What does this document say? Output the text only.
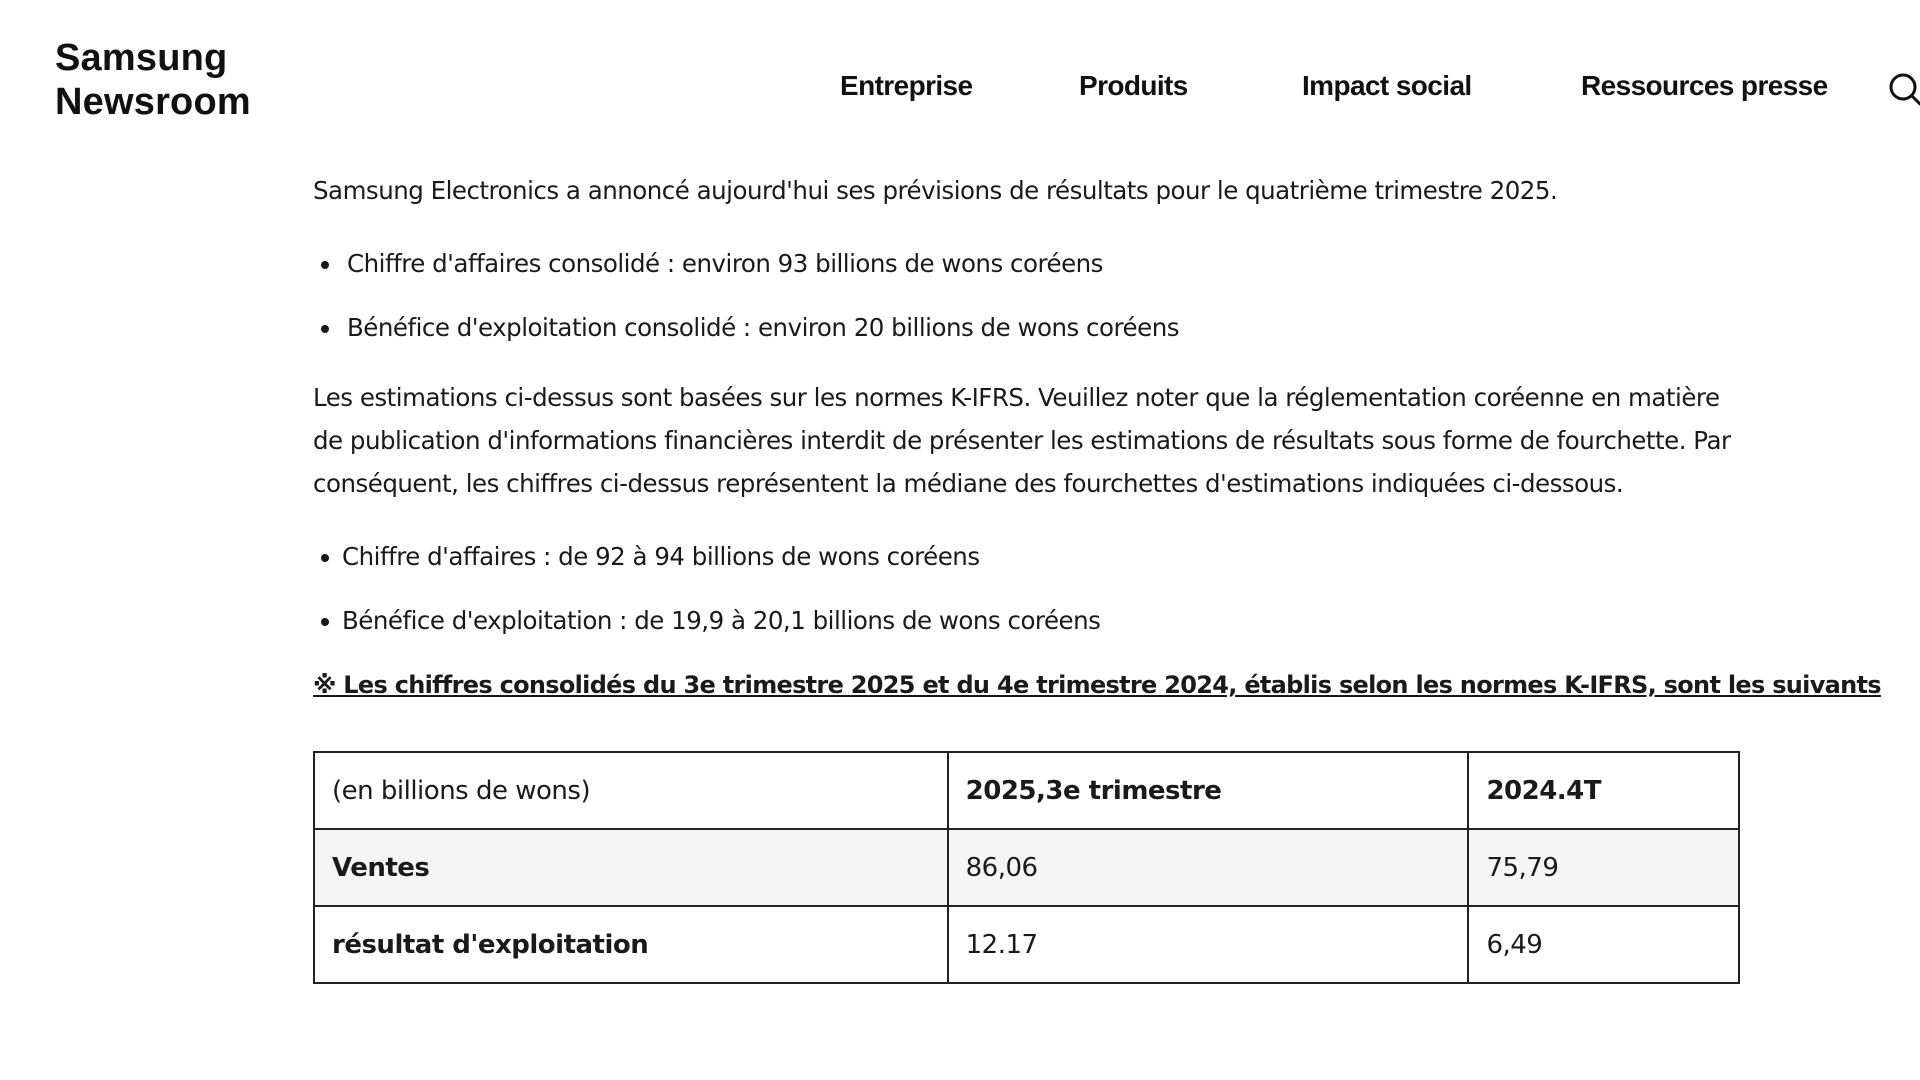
Samsung
Newsroom	Entreprise	Produits	Impact social	Ressources presse

Samsung Electronics a annoncé aujourd'hui ses prévisions de résultats pour le quatrième trimestre 2025.

Chiffre d'affaires consolidé : environ 93 billions de wons coréens
Bénéfice d'exploitation consolidé : environ 20 billions de wons coréens

Les estimations ci-dessus sont basées sur les normes K-IFRS. Veuillez noter que la réglementation coréenne en matière de publication d'informations financières interdit de présenter les estimations de résultats sous forme de fourchette. Par conséquent, les chiffres ci-dessus représentent la médiane des fourchettes d'estimations indiquées ci-dessous.

Chiffre d'affaires : de 92 à 94 billions de wons coréens
Bénéfice d'exploitation : de 19,9 à 20,1 billions de wons coréens

※ Les chiffres consolidés du 3e trimestre 2025 et du 4e trimestre 2024, établis selon les normes K-IFRS, sont les suivants

(en billions de wons)	2025,3e trimestre	2024.4T
Ventes	86,06	75,79
résultat d'exploitation	12.17	6,49
